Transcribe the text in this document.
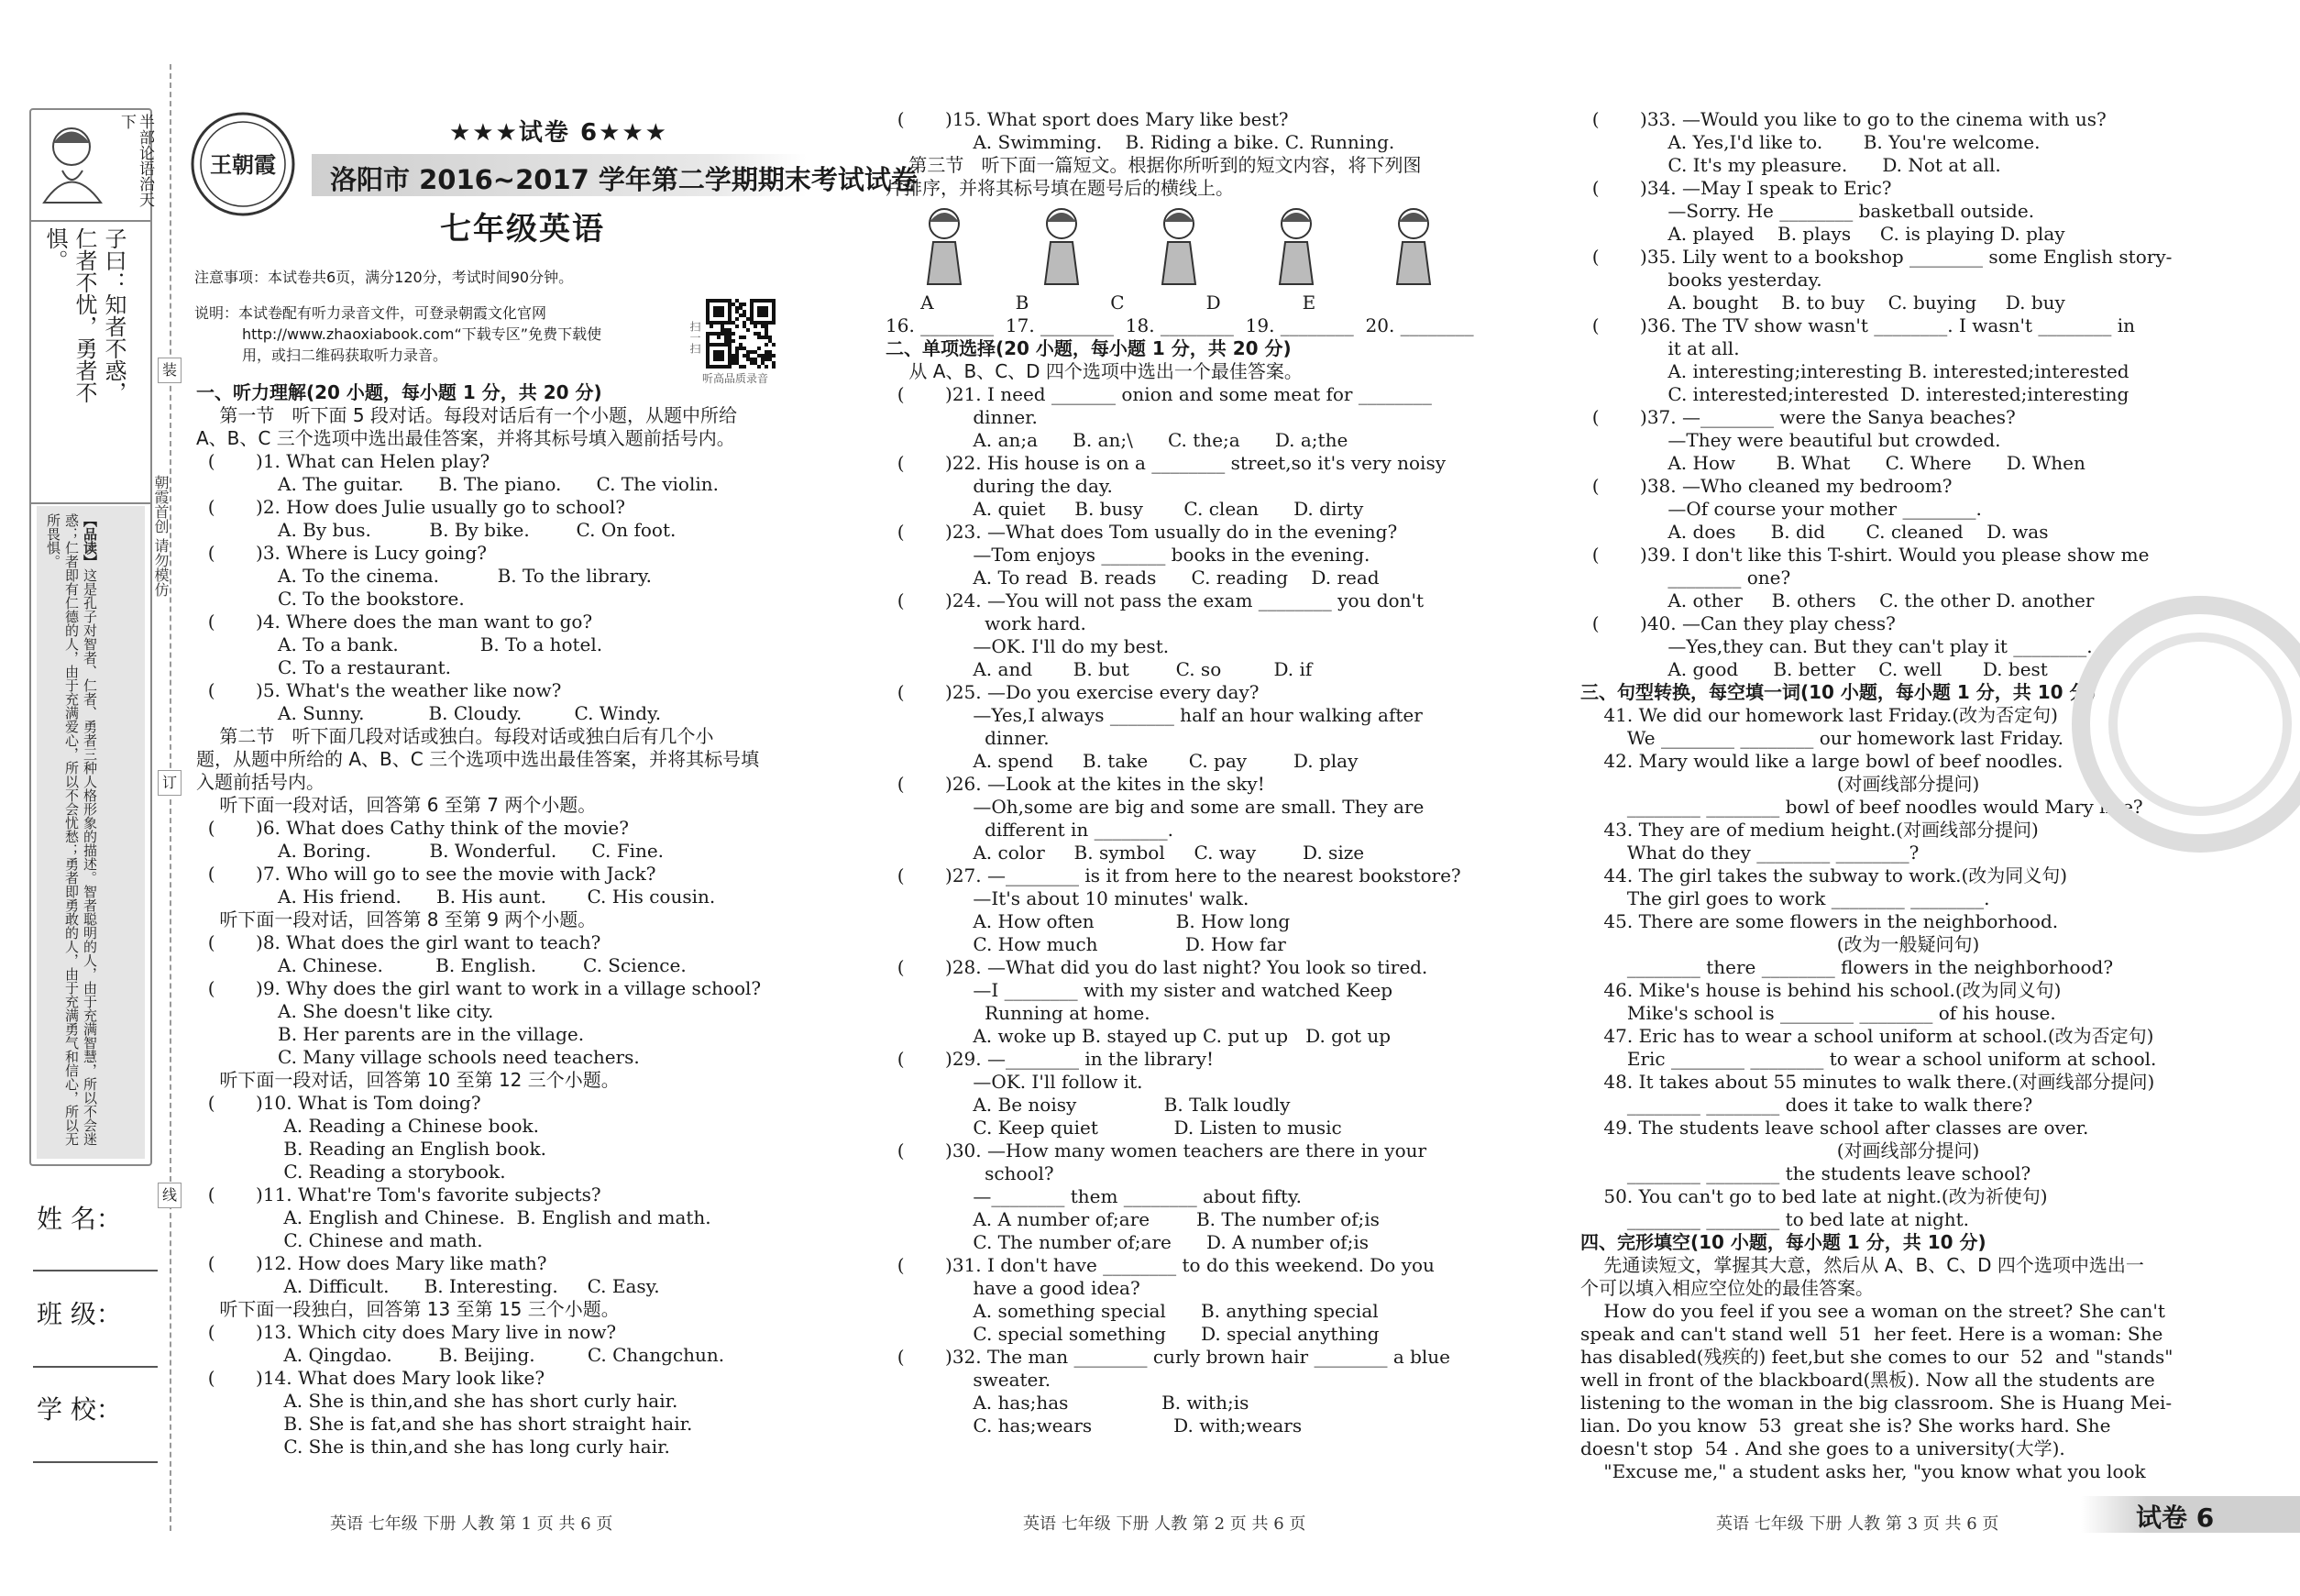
半部论语治天下
子曰：知者不惑，仁者不忧，勇者不惧。
【品读】这是孔子对智者、仁者、勇者三种人格形象的描述。智者聪明的人，由于充满智慧，所以不会迷惑；仁者即有仁德的人，由于充满爱心，所以不会忧愁；勇者即勇敢的人，由于充满勇气和信心，所以无所畏惧。	朝霞首创 请勿模仿
装
订
线
姓 名：
班 级：
学 校：
王朝霞
★★★试卷 6★★★
洛阳市 2016~2017 学年第二学期期末考试试卷
七年级英语
注意事项：本试卷共6页，满分120分，考试时间90分钟。
说明：本试卷配有听力录音文件，可登录朝霞文化官网
http://www.zhaoxiabook.com“下载专区”免费下载使
用，或扫二维码获取听力录音。
扫一扫
听高品质录音
一、听力理解(20 小题，每小题 1 分，共 20 分)
第一节   听下面 5 段对话。每段对话后有一个小题，从题中所给
A、B、C 三个选项中选出最佳答案，并将其标号填入题前括号内。
(       )1. What can Helen play?
A. The guitar.      B. The piano.      C. The violin.
(       )2. How does Julie usually go to school?
A. By bus.          B. By bike.        C. On foot.
(       )3. Where is Lucy going?
A. To the cinema.          B. To the library.
C. To the bookstore.
(       )4. Where does the man want to go?
A. To a bank.              B. To a hotel.
C. To a restaurant.
(       )5. What's the weather like now?
A. Sunny.           B. Cloudy.         C. Windy.
第二节   听下面几段对话或独白。每段对话或独白后有几个小
题，从题中所给的 A、B、C 三个选项中选出最佳答案，并将其标号填
入题前括号内。
听下面一段对话，回答第 6 至第 7 两个小题。
(       )6. What does Cathy think of the movie?
A. Boring.          B. Wonderful.      C. Fine.
(       )7. Who will go to see the movie with Jack?
A. His friend.      B. His aunt.       C. His cousin.
听下面一段对话，回答第 8 至第 9 两个小题。
(       )8. What does the girl want to teach?
A. Chinese.         B. English.        C. Science.
(       )9. Why does the girl want to work in a village school?
A. She doesn't like city.
B. Her parents are in the village.
C. Many village schools need teachers.
听下面一段对话，回答第 10 至第 12 三个小题。
(       )10. What is Tom doing?
A. Reading a Chinese book.
B. Reading an English book.
C. Reading a storybook.
(       )11. What're Tom's favorite subjects?
A. English and Chinese.  B. English and math.
C. Chinese and math.
(       )12. How does Mary like math?
A. Difficult.      B. Interesting.     C. Easy.
听下面一段独白，回答第 13 至第 15 三个小题。
(       )13. Which city does Mary live in now?
A. Qingdao.        B. Beijing.         C. Changchun.
(       )14. What does Mary look like?
A. She is thin,and she has short curly hair.
B. She is fat,and she has short straight hair.
C. She is thin,and she has long curly hair.
(       )15. What sport does Mary like best?
A. Swimming.    B. Riding a bike. C. Running.
第三节   听下面一篇短文。根据你所听到的短文内容，将下列图
片排序，并将其标号填在题号后的横线上。
A              B              C              D              E
16. ________  17. ________  18. ________  19. ________  20. ________
二、单项选择(20 小题，每小题 1 分，共 20 分)
从 A、B、C、D 四个选项中选出一个最佳答案。
(       )21. I need _______ onion and some meat for ________
dinner.
A. an;a      B. an;\      C. the;a      D. a;the
(       )22. His house is on a ________ street,so it's very noisy
during the day.
A. quiet     B. busy       C. clean      D. dirty
(       )23. —What does Tom usually do in the evening?
—Tom enjoys _______ books in the evening.
A. To read  B. reads      C. reading    D. read
(       )24. —You will not pass the exam ________ you don't
work hard.
—OK. I'll do my best.
A. and       B. but        C. so         D. if
(       )25. —Do you exercise every day?
—Yes,I always _______ half an hour walking after
dinner.
A. spend     B. take       C. pay        D. play
(       )26. —Look at the kites in the sky!
—Oh,some are big and some are small. They are
different in ________.
A. color     B. symbol     C. way        D. size
(       )27. —________ is it from here to the nearest bookstore?
—It's about 10 minutes' walk.
A. How often              B. How long
C. How much               D. How far
(       )28. —What did you do last night? You look so tired.
—I ________ with my sister and watched Keep
Running at home.
A. woke up B. stayed up C. put up   D. got up
(       )29. —________ in the library!
—OK. I'll follow it.
A. Be noisy               B. Talk loudly
C. Keep quiet             D. Listen to music
(       )30. —How many women teachers are there in your
school?
—________ them ________ about fifty.
A. A number of;are        B. The number of;is
C. The number of;are      D. A number of;is
(       )31. I don't have ________ to do this weekend. Do you
have a good idea?
A. something special      B. anything special
C. special something      D. special anything
(       )32. The man ________ curly brown hair ________ a blue
sweater.
A. has;has                B. with;is
C. has;wears              D. with;wears
(       )33. —Would you like to go to the cinema with us?
A. Yes,I'd like to.       B. You're welcome.
C. It's my pleasure.      D. Not at all.
(       )34. —May I speak to Eric?
—Sorry. He ________ basketball outside.
A. played    B. plays     C. is playing D. play
(       )35. Lily went to a bookshop ________ some English story-
books yesterday.
A. bought    B. to buy    C. buying     D. buy
(       )36. The TV show wasn't ________. I wasn't ________ in
it at all.
A. interesting;interesting B. interested;interested
C. interested;interested  D. interested;interesting
(       )37. —________ were the Sanya beaches?
—They were beautiful but crowded.
A. How       B. What      C. Where      D. When
(       )38. —Who cleaned my bedroom?
—Of course your mother ________.
A. does      B. did       C. cleaned    D. was
(       )39. I don't like this T-shirt. Would you please show me
________ one?
A. other     B. others    C. the other D. another
(       )40. —Can they play chess?
—Yes,they can. But they can't play it ________.
A. good      B. better    C. well       D. best
三、句型转换，每空填一词(10 小题，每小题 1 分，共 10 分)
41. We did our homework last Friday.(改为否定句)
We ________ ________ our homework last Friday.
42. Mary would like a large bowl of beef noodles.
(对画线部分提问)
________ ________ bowl of beef noodles would Mary like?
43. They are of medium height.(对画线部分提问)
What do they ________ ________?
44. The girl takes the subway to work.(改为同义句)
The girl goes to work ________ ________.
45. There are some flowers in the neighborhood.
(改为一般疑问句)
________ there ________ flowers in the neighborhood?
46. Mike's house is behind his school.(改为同义句)
Mike's school is ________ ________ of his house.
47. Eric has to wear a school uniform at school.(改为否定句)
Eric ________ ________ to wear a school uniform at school.
48. It takes about 55 minutes to walk there.(对画线部分提问)
________ ________ does it take to walk there?
49. The students leave school after classes are over.
(对画线部分提问)
________ ________ the students leave school?
50. You can't go to bed late at night.(改为祈使句)
________ ________ to bed late at night.
四、完形填空(10 小题，每小题 1 分，共 10 分)
先通读短文，掌握其大意，然后从 A、B、C、D 四个选项中选出一
个可以填入相应空位处的最佳答案。
How do you feel if you see a woman on the street? She can't
speak and can't stand well  51  her feet. Here is a woman: She
has disabled(残疾的) feet,but she comes to our  52  and "stands"
well in front of the blackboard(黑板). Now all the students are
listening to the woman in the big classroom. She is Huang Mei-
lian. Do you know  53  great she is? She works hard. She
doesn't stop  54 . And she goes to a university(大学).
"Excuse me," a student asks her, "you know what you look
英语 七年级 下册 人教 第 1 页 共 6 页	英语 七年级 下册 人教 第 2 页 共 6 页	英语 七年级 下册 人教 第 3 页 共 6 页	试卷 6
